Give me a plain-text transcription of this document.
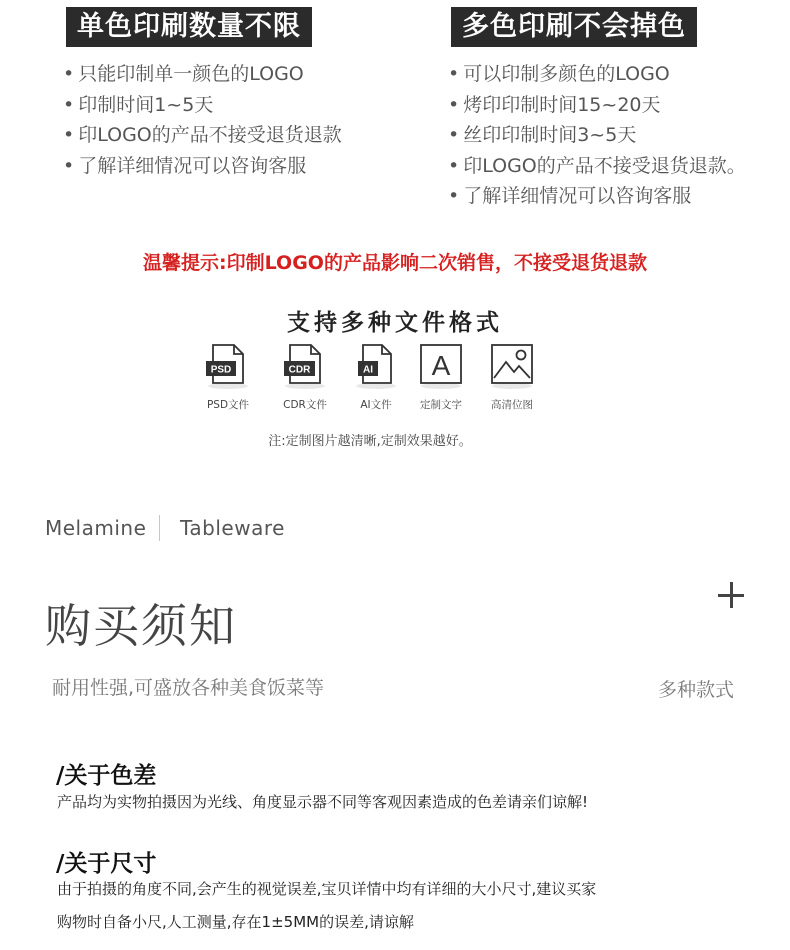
单色印刷数量不限	多色印刷不会掉色
• 只能印制单一颜色的LOGO
• 印制时间1~5天
• 印LOGO的产品不接受退货退款
• 了解详细情况可以咨询客服
• 可以印制多颜色的LOGO
• 烤印印制时间15~20天
• 丝印印制时间3~5天
• 印LOGO的产品不接受退货退款。
• 了解详细情况可以咨询客服
温馨提示:印制LOGO的产品影响二次销售，不接受退货退款
支持多种文件格式
PSD
PSD文件
CDR
CDR文件
AI
AI文件
A
定制文字	高清位图
注:定制图片越清晰,定制效果越好。
Melamine Tableware
购买须知
耐用性强,可盛放各种美食饭菜等	多种款式
/关于色差

产品均为实物拍摄因为光线、角度显示器不同等客观因素造成的色差请亲们谅解!

/关于尺寸

由于拍摄的角度不同,会产生的视觉误差,宝贝详情中均有详细的大小尺寸,建议买家

购物时自备小尺,人工测量,存在1±5MM的误差,请谅解
